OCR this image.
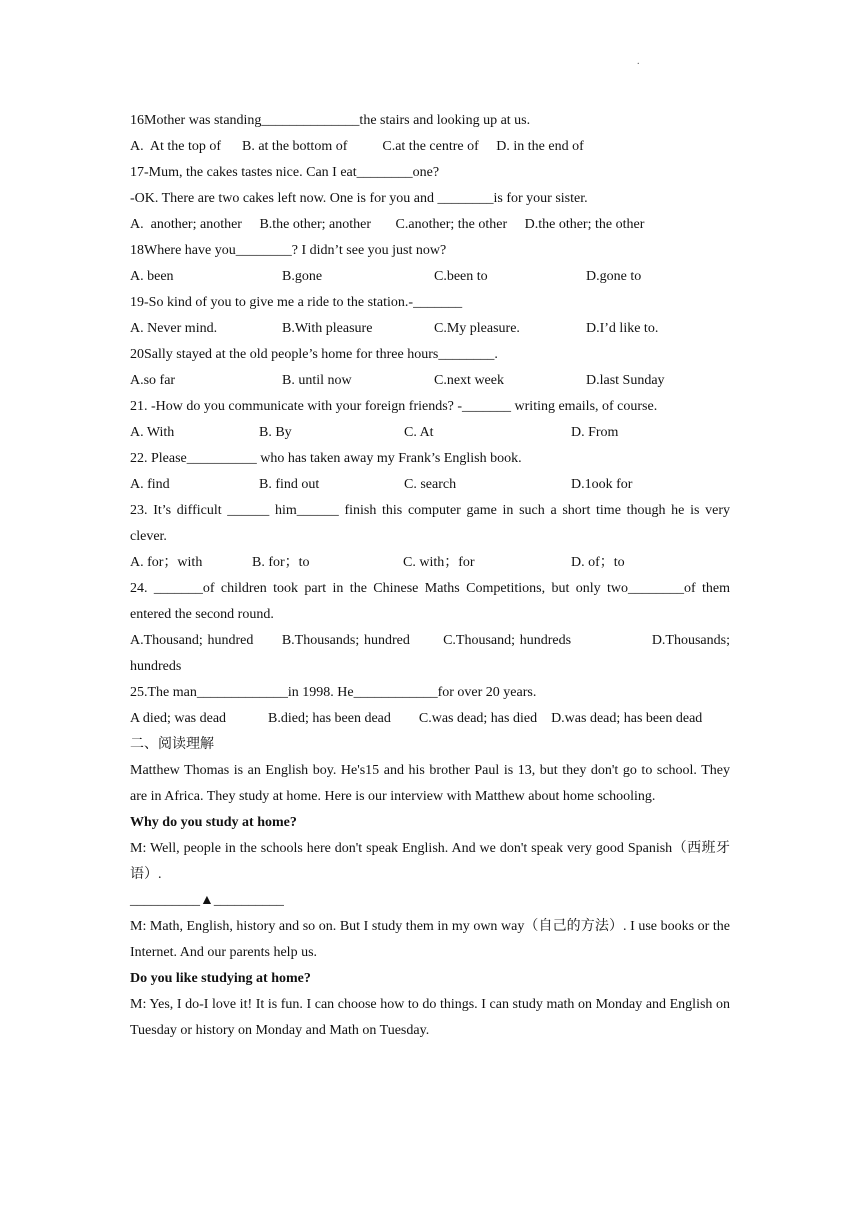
.
16Mother was standing______________the stairs and looking up at us.
A.  At the top of      B. at the bottom of          C.at the centre of     D. in the end of
17-Mum, the cakes tastes nice. Can I eat________one?
-OK. There are two cakes left now. One is for you and ________is for your sister.
A.  another; another     B.the other; another       C.another; the other     D.the other; the other
18Where have you________? I didn’t see you just now?
A. been	B.gone	C.been to	D.gone to
19-So kind of you to give me a ride to the station.-_______
A. Never mind.	B.With pleasure	C.My pleasure.	D.I’d like to.
20Sally stayed at the old people’s home for three hours________.
A.so far	B. until now	C.next week	D.last Sunday
21. -How do you communicate with your foreign friends? -_______ writing emails, of course.
A. With	B. By	C. At	D. From
22. Please__________ who has taken away my Frank’s English book.
A. find	B. find out	C. search	D.1ook for
23. It’s difficult ______ him______ finish this computer game in such a short time though he is very clever.
A. for；with	B. for；to	C. with；for	D. of；to
24. _______of children took part in the Chinese Maths Competitions, but only two________of them entered the second round.
A.Thousand; hundred      B.Thousands; hundred       C.Thousand; hundreds                 D.Thousands; hundreds
25.The man_____________in 1998. He____________for over 20 years.
A died; was dead            B.died; has been dead        C.was dead; has died    D.was dead; has been dead
二、阅读理解
Matthew Thomas is an English boy. He's15 and his brother Paul is 13, but they don't go to school. They are in Africa. They study at home. Here is our interview with Matthew about home schooling.
Why do you study at home?
M: Well, people in the schools here don't speak English. And we don't speak very good Spanish（西班牙语）.
__________▲__________
M: Math, English, history and so on. But I study them in my own way（自己的方法）. I use books or the Internet. And our parents help us.
Do you like studying at home?
M: Yes, I do-I love it! It is fun. I can choose how to do things. I can study math on Monday and English on Tuesday or history on Monday and Math on Tuesday.
